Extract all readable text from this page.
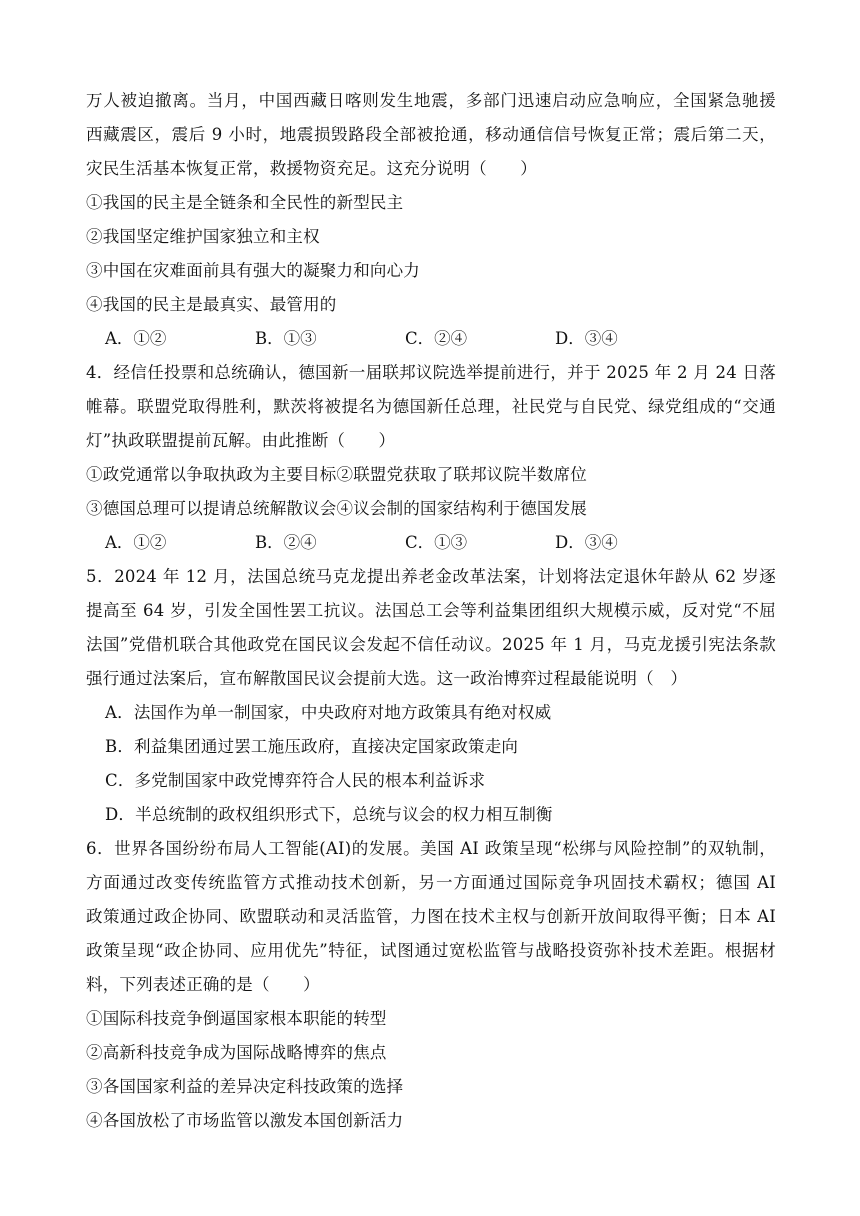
万人被迫撤离。当月，中国西藏日喀则发生地震，多部门迅速启动应急响应，全国紧急驰援
西藏震区，震后 9 小时，地震损毁路段全部被抢通，移动通信信号恢复正常；震后第二天，
灾民生活基本恢复正常，救援物资充足。这充分说明（　　）
①我国的民主是全链条和全民性的新型民主
②我国坚定维护国家独立和主权
③中国在灾难面前具有强大的凝聚力和向心力
④我国的民主是最真实、最管用的
A．①②	B．①③	C．②④	D．③④
4．经信任投票和总统确认，德国新一届联邦议院选举提前进行，并于 2025 年 2 月 24 日落
帷幕。联盟党取得胜利，默茨将被提名为德国新任总理，社民党与自民党、绿党组成的“交通
灯”执政联盟提前瓦解。由此推断（　　）
①政党通常以争取执政为主要目标②联盟党获取了联邦议院半数席位
③德国总理可以提请总统解散议会④议会制的国家结构利于德国发展
A．①②	B．②④	C．①③	D．③④
5．2024 年 12 月，法国总统马克龙提出养老金改革法案，计划将法定退休年龄从 62 岁逐
提高至 64 岁，引发全国性罢工抗议。法国总工会等利益集团组织大规模示威，反对党“不屈
法国”党借机联合其他政党在国民议会发起不信任动议。2025 年 1 月，马克龙援引宪法条款
强行通过法案后，宣布解散国民议会提前大选。这一政治博弈过程最能说明（　）
A．法国作为单一制国家，中央政府对地方政策具有绝对权威
B．利益集团通过罢工施压政府，直接决定国家政策走向
C．多党制国家中政党博弈符合人民的根本利益诉求
D．半总统制的政权组织形式下，总统与议会的权力相互制衡
6．世界各国纷纷布局人工智能(AI)的发展。美国 AI 政策呈现“松绑与风险控制”的双轨制，
方面通过改变传统监管方式推动技术创新，另一方面通过国际竞争巩固技术霸权；德国 AI
政策通过政企协同、欧盟联动和灵活监管，力图在技术主权与创新开放间取得平衡；日本 AI
政策呈现“政企协同、应用优先”特征，试图通过宽松监管与战略投资弥补技术差距。根据材
料，下列表述正确的是（　　）
①国际科技竞争倒逼国家根本职能的转型
②高新科技竞争成为国际战略博弈的焦点
③各国国家利益的差异决定科技政策的选择
④各国放松了市场监管以激发本国创新活力
